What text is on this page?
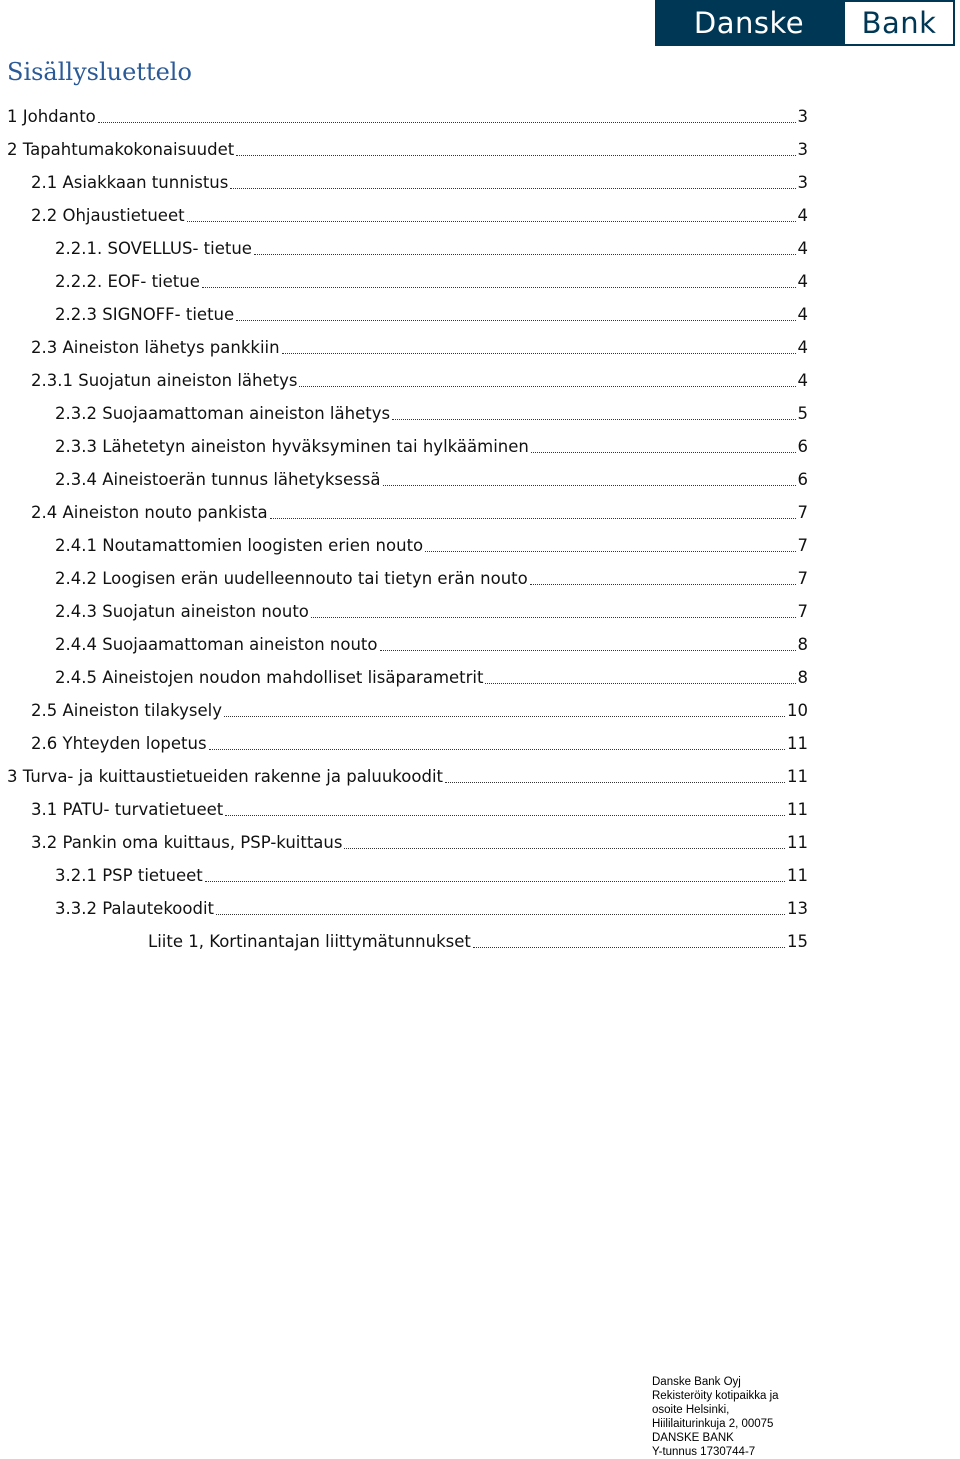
Danske	Bank
Sisällysluettelo
1 Johdanto	3
2 Tapahtumakokonaisuudet	3
2.1 Asiakkaan tunnistus	3
2.2 Ohjaustietueet	4
2.2.1. SOVELLUS- tietue	4
2.2.2. EOF- tietue	4
2.2.3 SIGNOFF- tietue	4
2.3 Aineiston lähetys pankkiin	4
2.3.1 Suojatun aineiston lähetys	4
2.3.2 Suojaamattoman aineiston lähetys	5
2.3.3 Lähetetyn aineiston hyväksyminen tai hylkääminen	6
2.3.4 Aineistoerän tunnus lähetyksessä	6
2.4 Aineiston nouto pankista	7
2.4.1 Noutamattomien loogisten erien nouto	7
2.4.2 Loogisen erän uudelleennouto tai tietyn erän nouto	7
2.4.3 Suojatun aineiston nouto	7
2.4.4 Suojaamattoman aineiston nouto	8
2.4.5 Aineistojen noudon mahdolliset lisäparametrit	8
2.5 Aineiston tilakysely	10
2.6 Yhteyden lopetus	11
3 Turva- ja kuittaustietueiden rakenne ja paluukoodit	11
3.1 PATU- turvatietueet	11
3.2 Pankin oma kuittaus, PSP-kuittaus	11
3.2.1 PSP tietueet	11
3.3.2 Palautekoodit	13
Liite 1, Kortinantajan liittymätunnukset	15
Danske Bank Oyj
Rekisteröity kotipaikka ja
osoite Helsinki,
Hiililaiturinkuja 2, 00075
DANSKE BANK
Y-tunnus 1730744-7
